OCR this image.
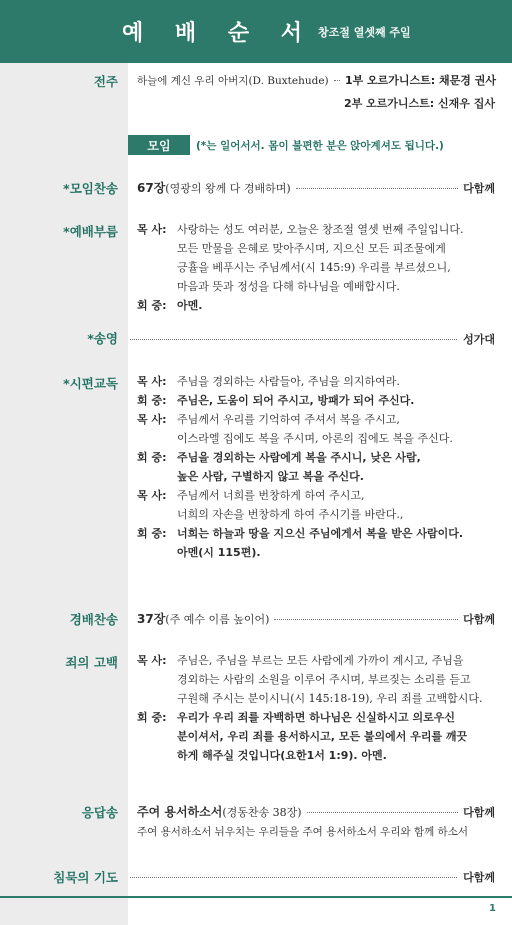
예 배 순 서 창조절 열셋째 주일
전주 하늘에 계신 우리 아버지(D. Buxtehude) 1부 오르가니스트: 채문경 권사
2부 오르가니스트: 신재우 집사
모임	(*는 일어서서. 몸이 불편한 분은 앉아계셔도 됩니다.)
*모임찬송 67장 (영광의 왕께 다 경배하며)	다함께
*예배부름 목 사: 사랑하는 성도 여러분, 오늘은 창조절 열셋 번째 주일입니다.
모든 만물을 은혜로 맞아주시며, 지으신 모든 피조물에게
긍휼을 베푸시는 주님께서(시 145:9) 우리를 부르셨으니,
마음과 뜻과 정성을 다해 하나님을 예배합시다.
회 중: 아멘.
*송영	성가대
*시편교독 목 사: 주님을 경외하는 사람들아, 주님을 의지하여라.
회 중: 주님은, 도움이 되어 주시고, 방패가 되어 주신다.
목 사: 주님께서 우리를 기억하여 주셔서 복을 주시고,
이스라엘 집에도 복을 주시며, 아론의 집에도 복을 주신다.
회 중: 주님을 경외하는 사람에게 복을 주시니, 낮은 사람,
높은 사람, 구별하지 않고 복을 주신다.
목 사: 주님께서 너희를 번창하게 하여 주시고,
너희의 자손을 번창하게 하여 주시기를 바란다.,
회 중: 너희는 하늘과 땅을 지으신 주님에게서 복을 받은 사람이다.
아멘(시 115편).
경배찬송 37장 (주 예수 이름 높이어)	다함께
죄의 고백 목 사: 주님은, 주님을 부르는 모든 사람에게 가까이 계시고, 주님을
경외하는 사람의 소원을 이루어 주시며, 부르짖는 소리를 듣고
구원해 주시는 분이시니(시 145:18-19), 우리 죄를 고백합시다.
회 중: 우리가 우리 죄를 자백하면 하나님은 신실하시고 의로우신
분이셔서, 우리 죄를 용서하시고, 모든 불의에서 우리를 깨끗
하게 해주실 것입니다(요한1서 1:9). 아멘.
응답송 주여 용서하소서 (경동찬송 38장)	다함께
주여 용서하소서 뉘우치는 우리들을 주여 용서하소서 우리와 함께 하소서
침묵의 기도	다함께
1
